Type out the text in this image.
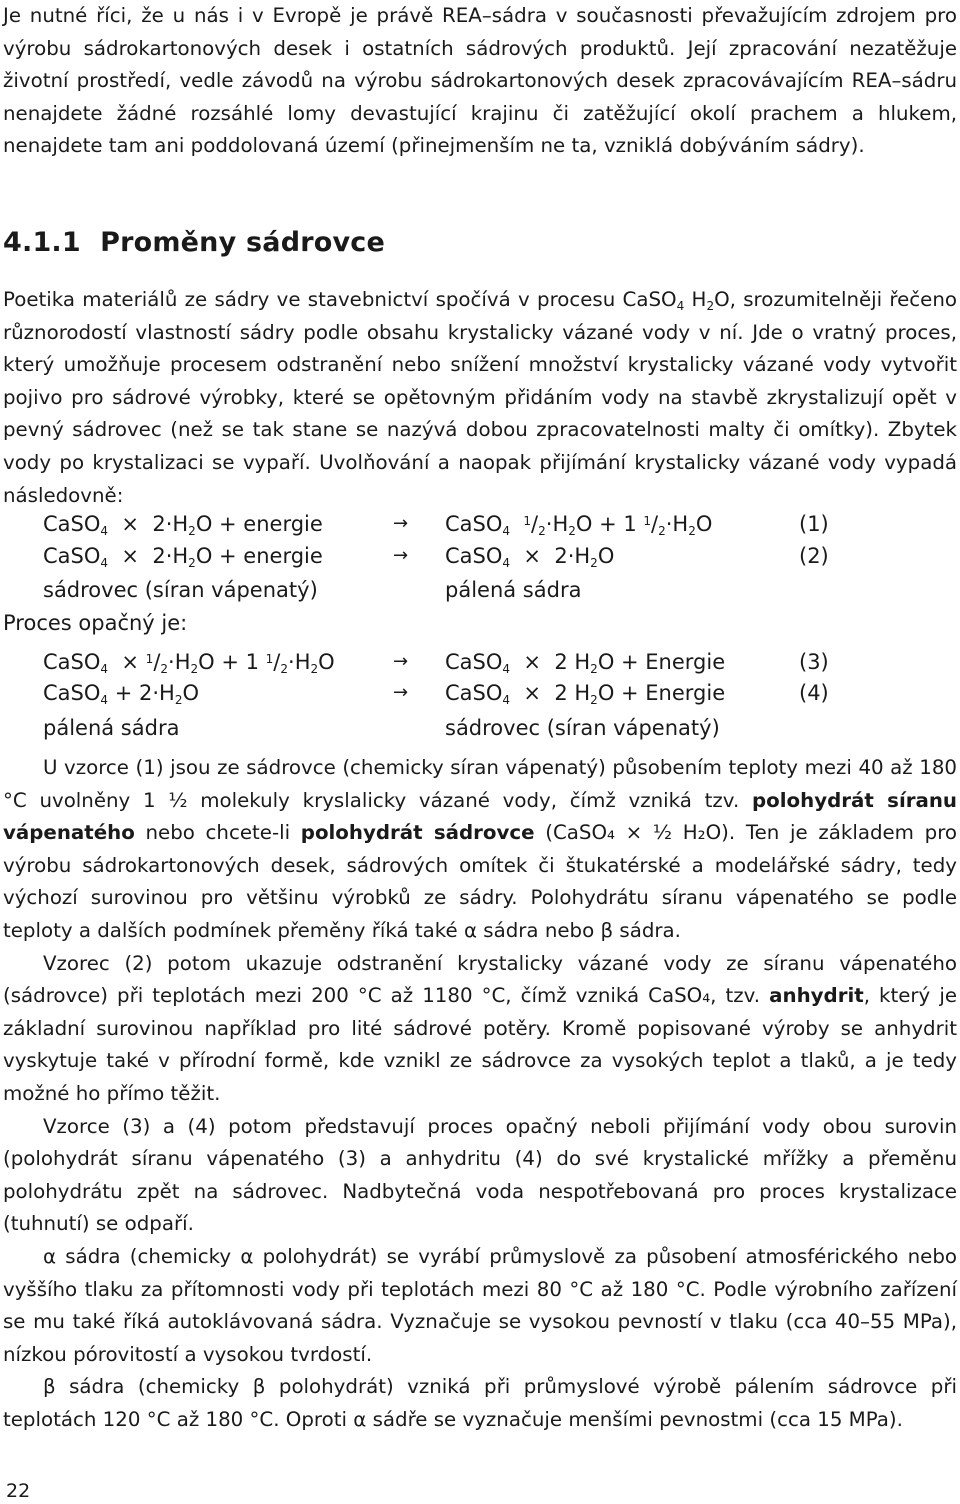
Je nutné říci, že u nás i v Evropě je právě REA–sádra v současnosti převažujícím zdrojem pro výrobu sádrokartonových desek i ostatních sádrových produktů. Její zpracování nezatěžuje životní prostředí, vedle závodů na výrobu sádrokartonových desek zpracovávajícím REA–sádru nenajdete žádné rozsáhlé lomy devastující krajinu či zatěžující okolí prachem a hlukem, nenajdete tam ani poddolovaná území (přinejmenším ne ta, vzniklá dobýváním sádry).

4.1.1 Proměny sádrovce

Poetika materiálů ze sádry ve stavebnictví spočívá v procesu CaSO$_4$ $H_2O$, srozumitelněji řečeno různorodostí vlastností sádry podle obsahu krystalicky vázané vody v ní. Jde o vratný proces, který umožňuje procesem odstranění nebo snížení množství krystalicky vázané vody vytvořit pojivo pro sádrové výrobky, které se opětovným přidáním vody na stavbě zkrystalizují opět v pevný sádrovec (než se tak stane se nazývá dobou zpracovatelnosti malty či omítky). Zbytek vody po krystalizaci se vypaří. Uvolňování a naopak přijímání krystalicky vázané vody vypadá následovně:

CaSO$_4$  ×  $2\cdot H_2O$ + energie	→ CaSO$_4$  $^1/_2\cdot H_2O + 1$ $^1/_2\cdot H_2O$	(1)
CaSO$_4$  ×  $2\cdot H_2O$ + energie	→ CaSO$_4$  ×  $2\cdot H_2O$	(2)
sádrovec (síran vápenatý)	pálená sádra
Proces opačný je:
CaSO$_4$  × $^1/_2\cdot H_2O + 1$ $^1/_2\cdot H_2O$	→ CaSO$_4$  ×  2 $H_2O$ + Energie	(3)
CaSO$_4$ + $2\cdot H_2O$	→ CaSO$_4$  ×  2 $H_2O$ + Energie	(4)
pálená sádra	sádrovec (síran vápenatý)

U vzorce (1) jsou ze sádrovce (chemicky síran vápenatý) působením teploty mezi 40 až 180 °C uvolněny 1 ½ molekuly kryslalicky vázané vody, čímž vzniká tzv. polohydrát síranu vápenatého nebo chcete-li polohydrát sádrovce (CaSO₄ × ½ H₂O). Ten je základem pro výrobu sádrokartonových desek, sádrových omítek či štukatérské a modelářské sádry, tedy výchozí surovinou pro většinu výrobků ze sádry. Polohydrátu síranu vápenatého se podle teploty a dalších podmínek přeměny říká také α sádra nebo β sádra.

Vzorec (2) potom ukazuje odstranění krystalicky vázané vody ze síranu vápenatého (sádrovce) při teplotách mezi 200 °C až 1180 °C, čímž vzniká CaSO₄, tzv. anhydrit, který je základní surovinou například pro lité sádrové potěry. Kromě popisované výroby se anhydrit vyskytuje také v přírodní formě, kde vznikl ze sádrovce za vysokých teplot a tlaků, a je tedy možné ho přímo těžit.

Vzorce (3) a (4) potom představují proces opačný neboli přijímání vody obou surovin (polohydrát síranu vápenatého (3) a anhydritu (4) do své krystalické mřížky a přeměnu polohydrátu zpět na sádrovec. Nadbytečná voda nespotřebovaná pro proces krystalizace (tuhnutí) se odpaří.

α sádra (chemicky α polohydrát) se vyrábí průmyslově za působení atmosférického nebo vyššího tlaku za přítomnosti vody při teplotách mezi 80 °C až 180 °C. Podle výrobního zařízení se mu také říká autoklávovaná sádra. Vyznačuje se vysokou pevností v tlaku (cca 40–55 MPa), nízkou pórovitostí a vysokou tvrdostí.

β sádra (chemicky β polohydrát) vzniká při průmyslové výrobě pálením sádrovce při teplotách 120 °C až 180 °C. Oproti α sádře se vyznačuje menšími pevnostmi (cca 15 MPa).

22
